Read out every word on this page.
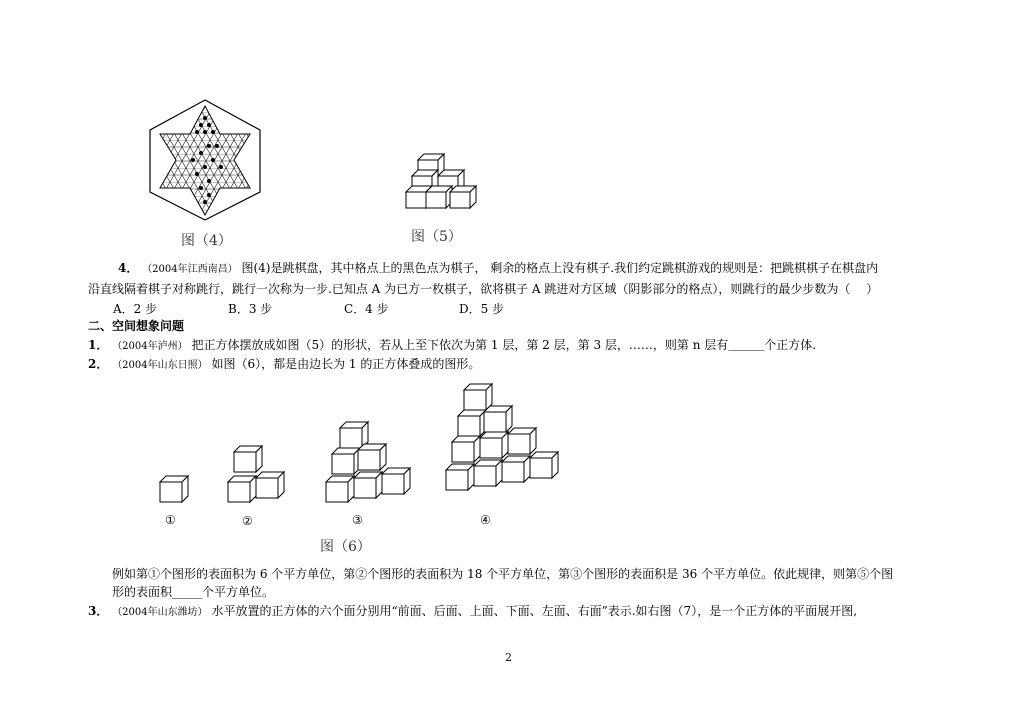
图（4）	图（5）
4． （2004年江西南昌） 图(4)是跳棋盘，其中格点上的黑色点为棋子， 剩余的格点上没有棋子.我们约定跳棋游戏的规则是：把跳棋棋子在棋盘内
沿直线隔着棋子对称跳行，跳行一次称为一步.已知点 A 为已方一枚棋子，欲将棋子 A 跳进对方区域（阴影部分的格点），则跳行的最少步数为（　 ）
A．2 步	B．3 步	C．4 步	D．5 步
二、空间想象问题
1． （2004年泸州） 把正方体摆放成如图（5）的形状，若从上至下依次为第 1 层，第 2 层，第 3 层，……，则第 n 层有＿＿＿个正方体.
2． （2004年山东日照） 如图（6），都是由边长为 1 的正方体叠成的图形。
①	②	③	④
图（6）
例如第①个图形的表面积为 6 个平方单位，第②个图形的表面积为 18 个平方单位，第③个图形的表面积是 36 个平方单位。依此规律，则第⑤个图
形的表面积_____个平方单位。
3． （2004年山东潍坊） 水平放置的正方体的六个面分别用“前面、后面、上面、下面、左面、右面”表示.如右图（7），是一个正方体的平面展开图,
2
